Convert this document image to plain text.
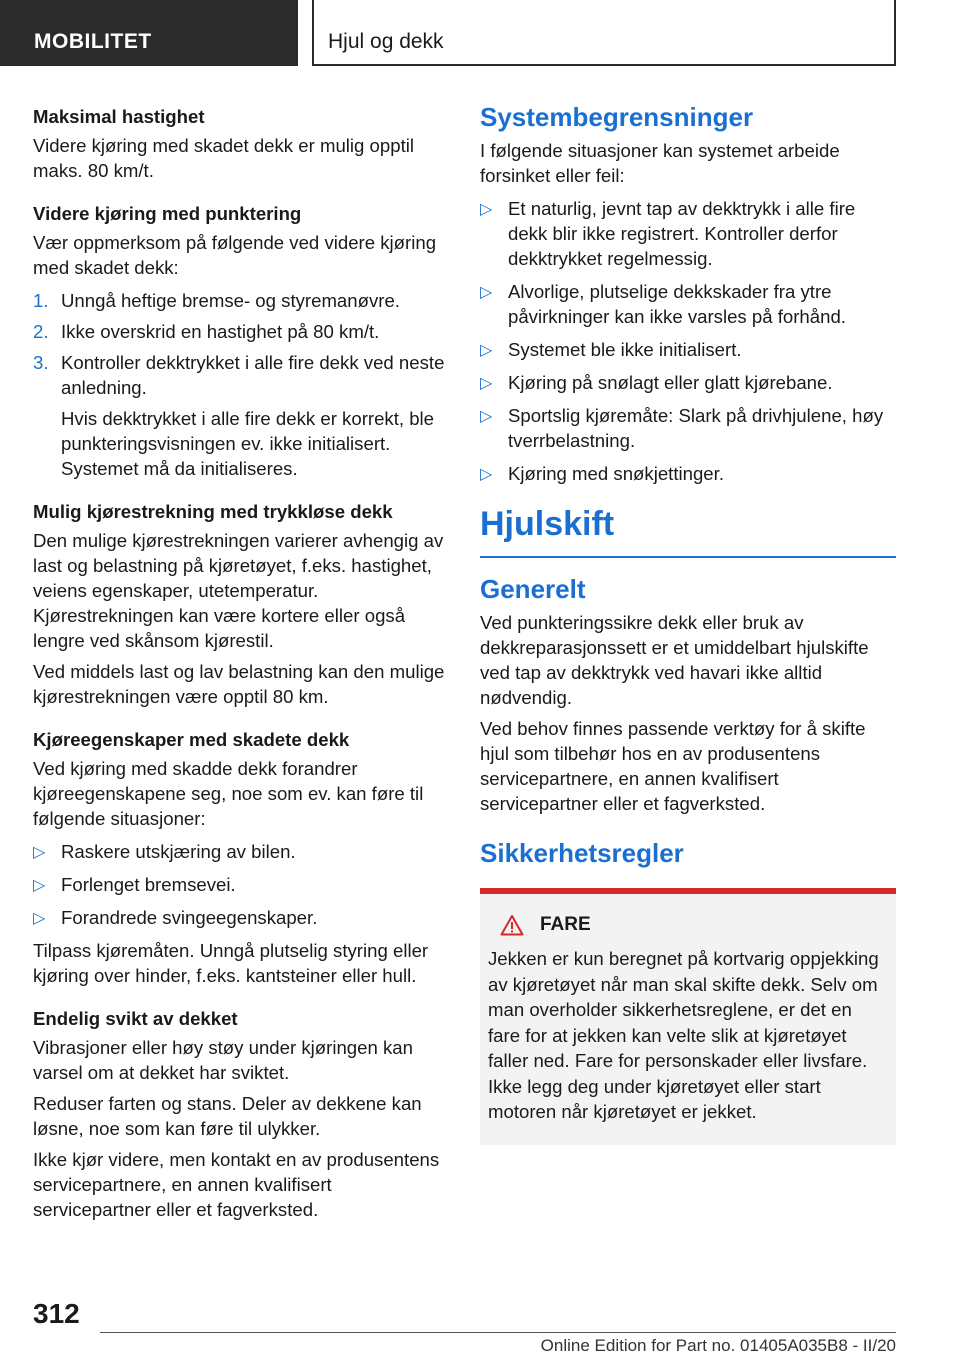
MOBILITET	Hjul og dekk
Maksimal hastighet

Videre kjøring med skadet dekk er mulig opptil maks. 80 km/t.

Videre kjøring med punktering

Vær oppmerksom på følgende ved videre kjøring med skadet dekk:

1. Unngå heftige bremse- og styremanøvre.
2. Ikke overskrid en hastighet på 80 km/t.
3. Kontroller dekktrykket i alle fire dekk ved neste anledning.
Hvis dekktrykket i alle fire dekk er korrekt, ble punkteringsvisningen ev. ikke initialisert. Systemet må da initialiseres.
Mulig kjørestrekning med trykkløse dekk

Den mulige kjørestrekningen varierer avhengig av last og belastning på kjøretøyet, f.eks. hastighet, veiens egenskaper, utetemperatur. Kjørestrekningen kan være kortere eller også lengre ved skånsom kjørestil.

Ved middels last og lav belastning kan den mulige kjørestrekningen være opptil 80 km.

Kjøreegenskaper med skadete dekk

Ved kjøring med skadde dekk forandrer kjøreegenskapene seg, noe som ev. kan føre til følgende situasjoner:

▷ Raskere utskjæring av bilen.
▷ Forlenget bremsevei.
▷ Forandrede svingeegenskaper.

Tilpass kjøremåten. Unngå plutselig styring eller kjøring over hinder, f.eks. kantsteiner eller hull.

Endelig svikt av dekket

Vibrasjoner eller høy støy under kjøringen kan varsel om at dekket har sviktet.

Reduser farten og stans. Deler av dekkene kan løsne, noe som kan føre til ulykker.

Ikke kjør videre, men kontakt en av produsentens servicepartnere, en annen kvalifisert servicepartner eller et fagverksted.

Systembegrensninger

I følgende situasjoner kan systemet arbeide forsinket eller feil:

▷ Et naturlig, jevnt tap av dekktrykk i alle fire dekk blir ikke registrert. Kontroller derfor dekktrykket regelmessig.
▷ Alvorlige, plutselige dekkskader fra ytre påvirkninger kan ikke varsles på forhånd.
▷ Systemet ble ikke initialisert.
▷ Kjøring på snølagt eller glatt kjørebane.
▷ Sportslig kjøremåte: Slark på drivhjulene, høy tverrbelastning.
▷ Kjøring med snøkjettinger.
Hjulskift
Generelt

Ved punkteringssikre dekk eller bruk av dekkreparasjonssett er et umiddelbart hjulskifte ved tap av dekktrykk ved havari ikke alltid nødvendig.

Ved behov finnes passende verktøy for å skifte hjul som tilbehør hos en av produsentens servicepartnere, en annen kvalifisert servicepartner eller et fagverksted.

Sikkerhetsregler
FARE

Jekken er kun beregnet på kortvarig oppjekking av kjøretøyet når man skal skifte dekk. Selv om man overholder sikkerhetsreglene, er det en fare for at jekken kan velte slik at kjøretøyet faller ned. Fare for personskader eller livsfare. Ikke legg deg under kjøretøyet eller start motoren når kjøretøyet er jekket.

312
Online Edition for Part no. 01405A035B8 - II/20
